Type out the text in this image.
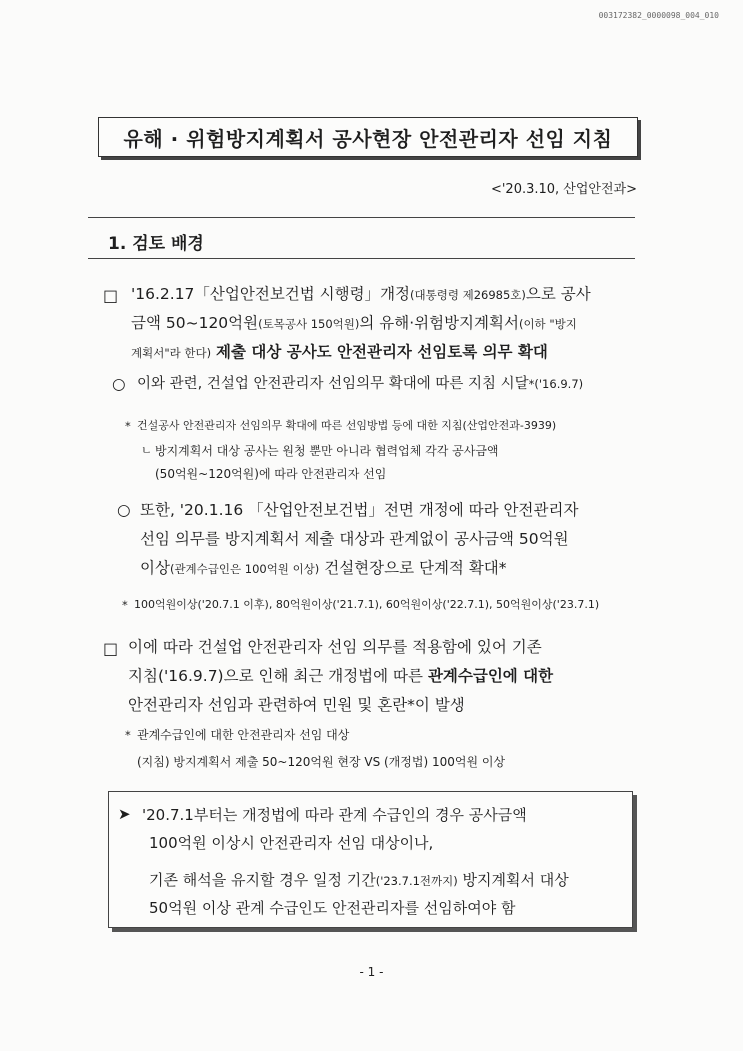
003172382_0000098_004_010
유해 · 위험방지계획서 공사현장 안전관리자 선임 지침
<'20.3.10, 산업안전과>
1. 검토 배경
□ '16.2.17「산업안전보건법 시행령」개정(대통령령 제26985호)으로 공사
금액 50~120억원(토목공사 150억원)의 유해·위험방지계획서(이하 "방지
계획서"라 한다) 제출 대상 공사도 안전관리자 선임토록 의무 확대
○ 이와 관련, 건설업 안전관리자 선임의무 확대에 따른 지침 시달*('16.9.7)
* 건설공사 안전관리자 선임의무 확대에 따른 선임방법 등에 대한 지침(산업안전과-3939)
ㄴ 방지계획서 대상 공사는 원청 뿐만 아니라 협력업체 각각 공사금액
(50억원~120억원)에 따라 안전관리자 선임
○ 또한, '20.1.16 「산업안전보건법」전면 개정에 따라 안전관리자
선임 의무를 방지계획서 제출 대상과 관계없이 공사금액 50억원
이상(관계수급인은 100억원 이상) 건설현장으로 단계적 확대*
* 100억원이상('20.7.1 이후), 80억원이상('21.7.1), 60억원이상('22.7.1), 50억원이상('23.7.1)
□ 이에 따라 건설업 안전관리자 선임 의무를 적용함에 있어 기존
지침('16.9.7)으로 인해 최근 개정법에 따른 관계수급인에 대한
안전관리자 선임과 관련하여 민원 및 혼란*이 발생
* 관계수급인에 대한 안전관리자 선임 대상
(지침) 방지계획서 제출 50~120억원 현장 VS (개정법) 100억원 이상
➤ '20.7.1부터는 개정법에 따라 관계 수급인의 경우 공사금액
100억원 이상시 안전관리자 선임 대상이나,
기존 해석을 유지할 경우 일정 기간('23.7.1전까지) 방지계획서 대상
50억원 이상 관계 수급인도 안전관리자를 선임하여야 함
- 1 -
